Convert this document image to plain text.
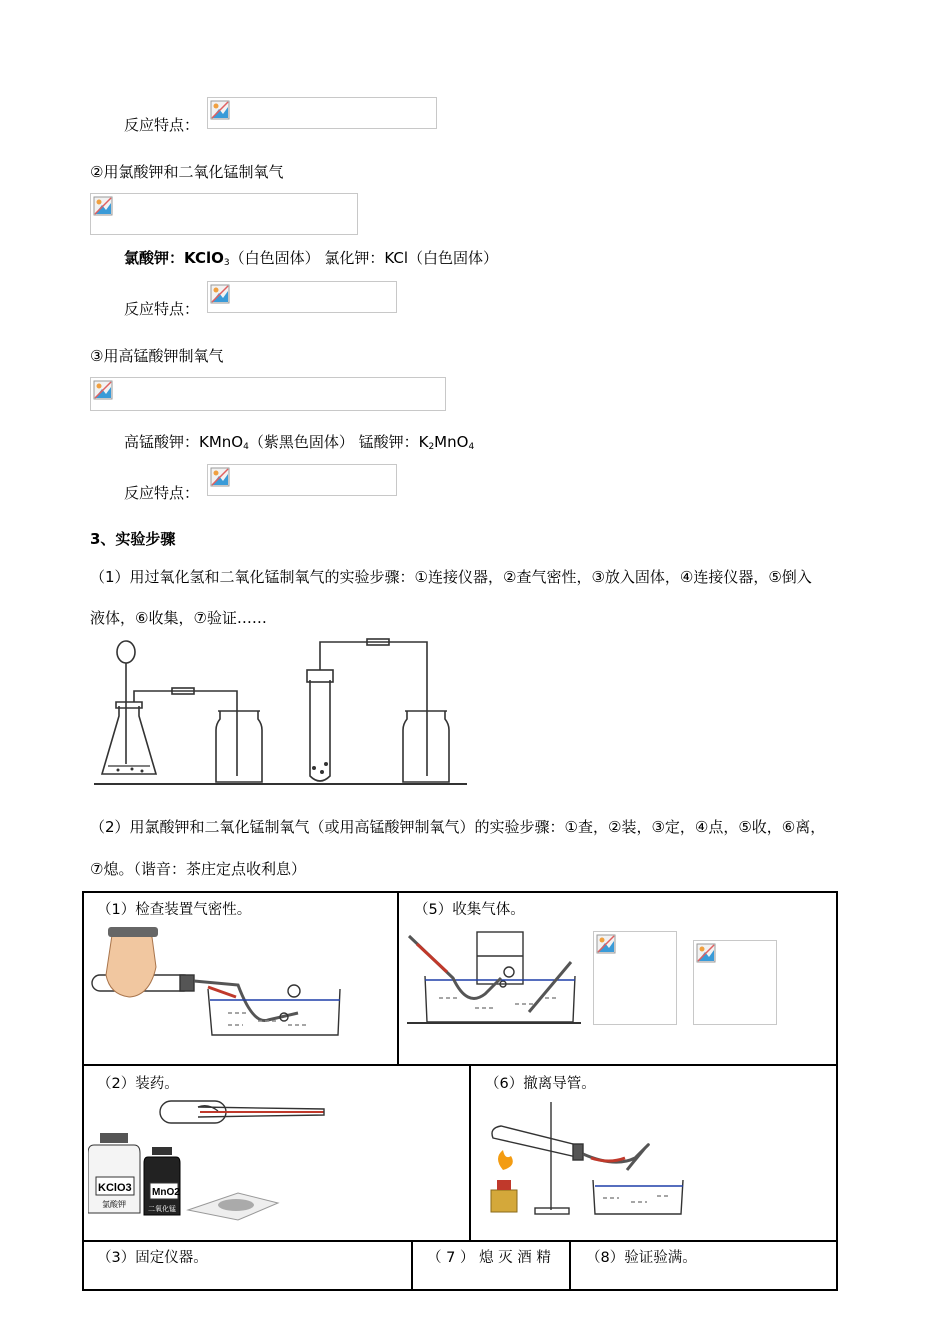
反应特点：
②用氯酸钾和二氧化锰制氧气
氯酸钾：KClO$_3$（白色固体） 氯化钾：KCl（白色固体）
反应特点：
③用高锰酸钾制氧气
高锰酸钾：KMnO$_4$（紫黑色固体） 锰酸钾：$K_2MnO_4$
反应特点：
3、实验步骤
（1）用过氧化氢和二氧化锰制氧气的实验步骤：①连接仪器，②查气密性，③放入固体，④连接仪器，⑤倒入
液体，⑥收集，⑦验证……
（2）用氯酸钾和二氧化锰制氧气（或用高锰酸钾制氧气）的实验步骤：①查，②装，③定，④点，⑤收，⑥离，
⑦熄。（谐音：茶庄定点收利息）
（1）检查装置气密性。	（5）收集气体。
（2）装药。	（6）撤离导管。
（3）固定仪器。	（ 7 ） 熄 灭 酒 精 （8）验证验满。
KClO3
氯酸钾
MnO2
二氧化锰
